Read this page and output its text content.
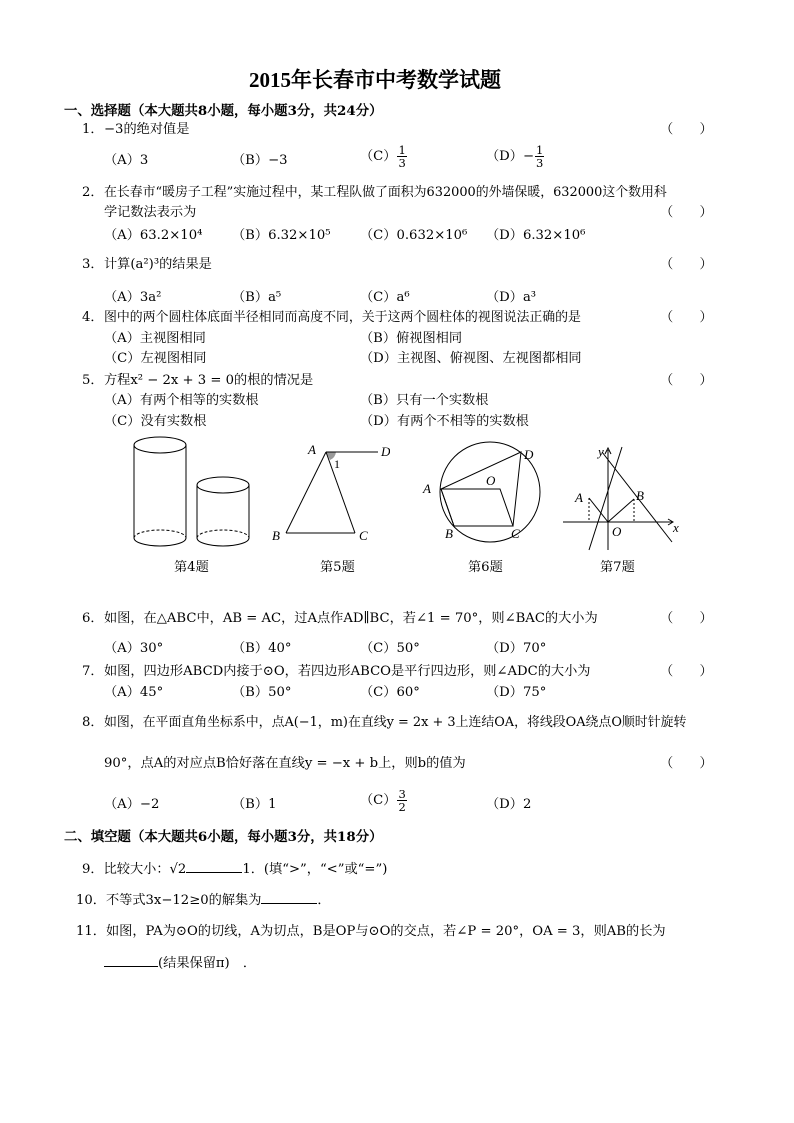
2015年长春市中考数学试题
一、选择题（本大题共8小题，每小题3分，共24分）
1． −3的绝对值是	（　　）
（A）3	（B）−3	$(C) \frac{1}{3}$	$(D)- \frac{1}{3}$
2． 在长春市“暖房子工程”实施过程中，某工程队做了面积为632000的外墙保暖，632000这个数用科
学记数法表示为	（　　）
（A）63.2×10⁴ （B）6.32×10⁵ （C）0.632×10⁶ （D）6.32×10⁶
3． 计算(a²)³的结果是	（　　）
（A）3a²	（B）a⁵	（C）a⁶	（D）a³
4． 图中的两个圆柱体底面半径相同而高度不同，关于这两个圆柱体的视图说法正确的是	（　　）
（A）主视图相同	（B）俯视图相同
（C）左视图相同	（D）主视图、俯视图、左视图都相同
5． 方程x² − 2x + 3 = 0的根的情况是	（　　）
（A）有两个相等的实数根	（B）只有一个实数根
（C）没有实数根	（D）有两个不相等的实数根
A	D
1
B	C
A
D
O
B	C
y
x
A	B
O
第4题	第5题	第6题	第7题
6． 如图，在△ABC中，AB = AC，过A点作AD∥BC，若∠1 = 70°，则∠BAC的大小为	（　　）
（A）30°	（B）40°	（C）50°	（D）70°
7． 如图，四边形ABCD内接于⊙O，若四边形ABCO是平行四边形，则∠ADC的大小为	（　　）
（A）45°	（B）50°	（C）60°	（D）75°
8． 如图，在平面直角坐标系中，点A(−1，m)在直线y = 2x + 3上连结OA，将线段OA绕点O顺时针旋转
90°，点A的对应点B恰好落在直线y = −x + b上，则b的值为	（　　）
（A）−2	（B）1	$(C) \frac{3}{2}$	（D）2
二、填空题（本大题共6小题，每小题3分，共18分）
9．比较大小：√2	1．(填“>”，“<”或“=”)
10．不等式3x−12≥0的解集为	．
11．如图，PA为⊙O的切线，A为切点，B是OP与⊙O的交点，若∠P = 20°，OA = 3，则AB的长为
(结果保留π)　．
